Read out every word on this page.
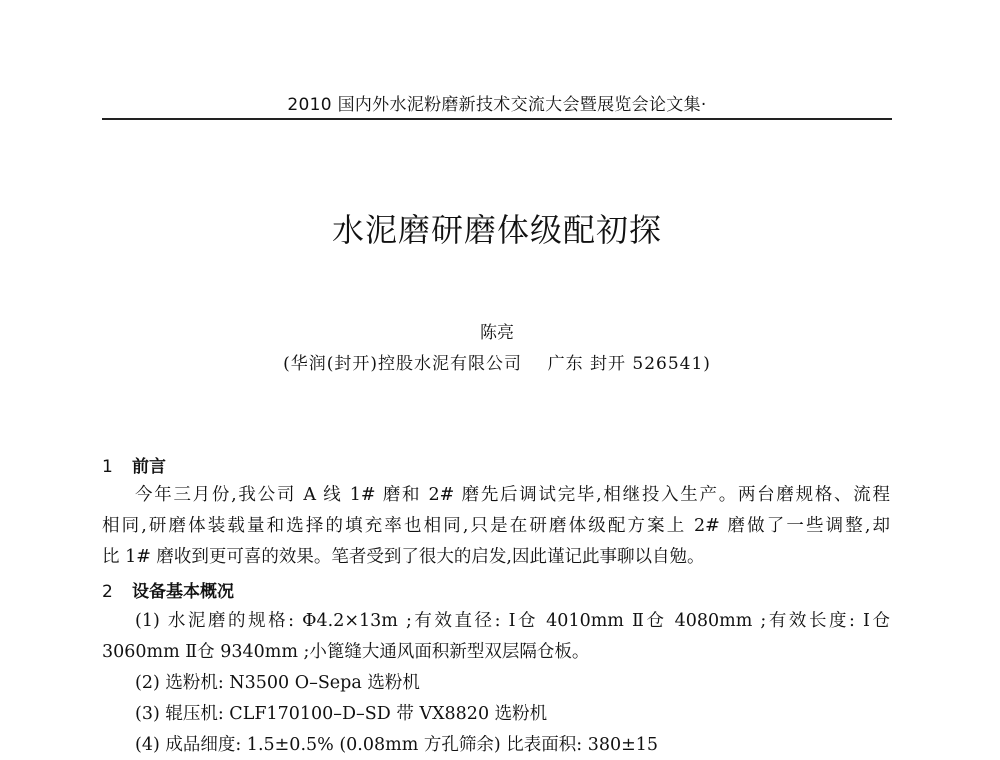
2010 国内外水泥粉磨新技术交流大会暨展览会论文集·
水泥磨研磨体级配初探
陈亮
(华润(封开)控股水泥有限公司    广东 封开 526541)
1 前言
今年三月份,我公司 A 线 1# 磨和 2# 磨先后调试完毕,相继投入生产。两台磨规格、流程
相同,研磨体装载量和选择的填充率也相同,只是在研磨体级配方案上 2# 磨做了一些调整,却
比 1# 磨收到更可喜的效果。笔者受到了很大的启发,因此谨记此事聊以自勉。
2 设备基本概况
(1) 水泥磨的规格: Φ4.2×13m ;有效直径: Ⅰ仓 4010mm Ⅱ仓 4080mm ;有效长度: Ⅰ仓
3060mm Ⅱ仓 9340mm ;小篦缝大通风面积新型双层隔仓板。
(2) 选粉机: N3500 O–Sepa 选粉机
(3) 辊压机: CLF170100–D–SD 带 VX8820 选粉机
(4) 成品细度: 1.5±0.5% (0.08mm 方孔筛余) 比表面积: 380±15
